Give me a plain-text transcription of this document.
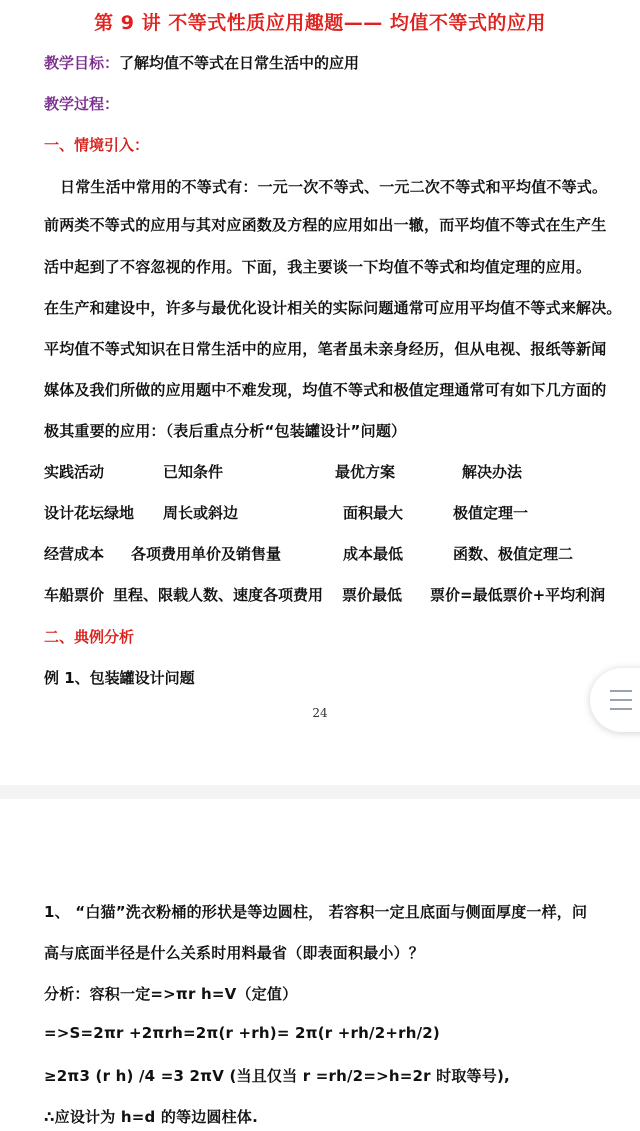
第 9 讲 不等式性质应用趣题—— 均值不等式的应用
教学目标：了解均值不等式在日常生活中的应用
教学过程：
一、情境引入：
日常生活中常用的不等式有：一元一次不等式、一元二次不等式和平均值不等式。
前两类不等式的应用与其对应函数及方程的应用如出一辙，而平均值不等式在生产生
活中起到了不容忽视的作用。下面，我主要谈一下均值不等式和均值定理的应用。
在生产和建设中，许多与最优化设计相关的实际问题通常可应用平均值不等式来解决。
平均值不等式知识在日常生活中的应用，笔者虽未亲身经历，但从电视、报纸等新闻
媒体及我们所做的应用题中不难发现，均值不等式和极值定理通常可有如下几方面的
极其重要的应用：（表后重点分析“包装罐设计”问题）
实践活动	已知条件	最优方案	解决办法
设计花坛绿地 周长或斜边	面积最大	极值定理一
经营成本 各项费用单价及销售量	成本最低	函数、极值定理二
车船票价 里程、限载人数、速度各项费用 票价最低 票价=最低票价+平均利润
二、典例分析
例 1、包装罐设计问题
24
1、 “白猫”洗衣粉桶的形状是等边圆柱， 若容积一定且底面与侧面厚度一样，问
高与底面半径是什么关系时用料最省（即表面积最小）？
分析：容积一定=>πr h=V（定值）
=>S=2πr +2πrh=2π(r +rh)= 2π(r +rh/2+rh/2)
≥2π3 (r h) /4 =3 2πV (当且仅当 r =rh/2=>h=2r 时取等号),
∴应设计为 h=d 的等边圆柱体.
